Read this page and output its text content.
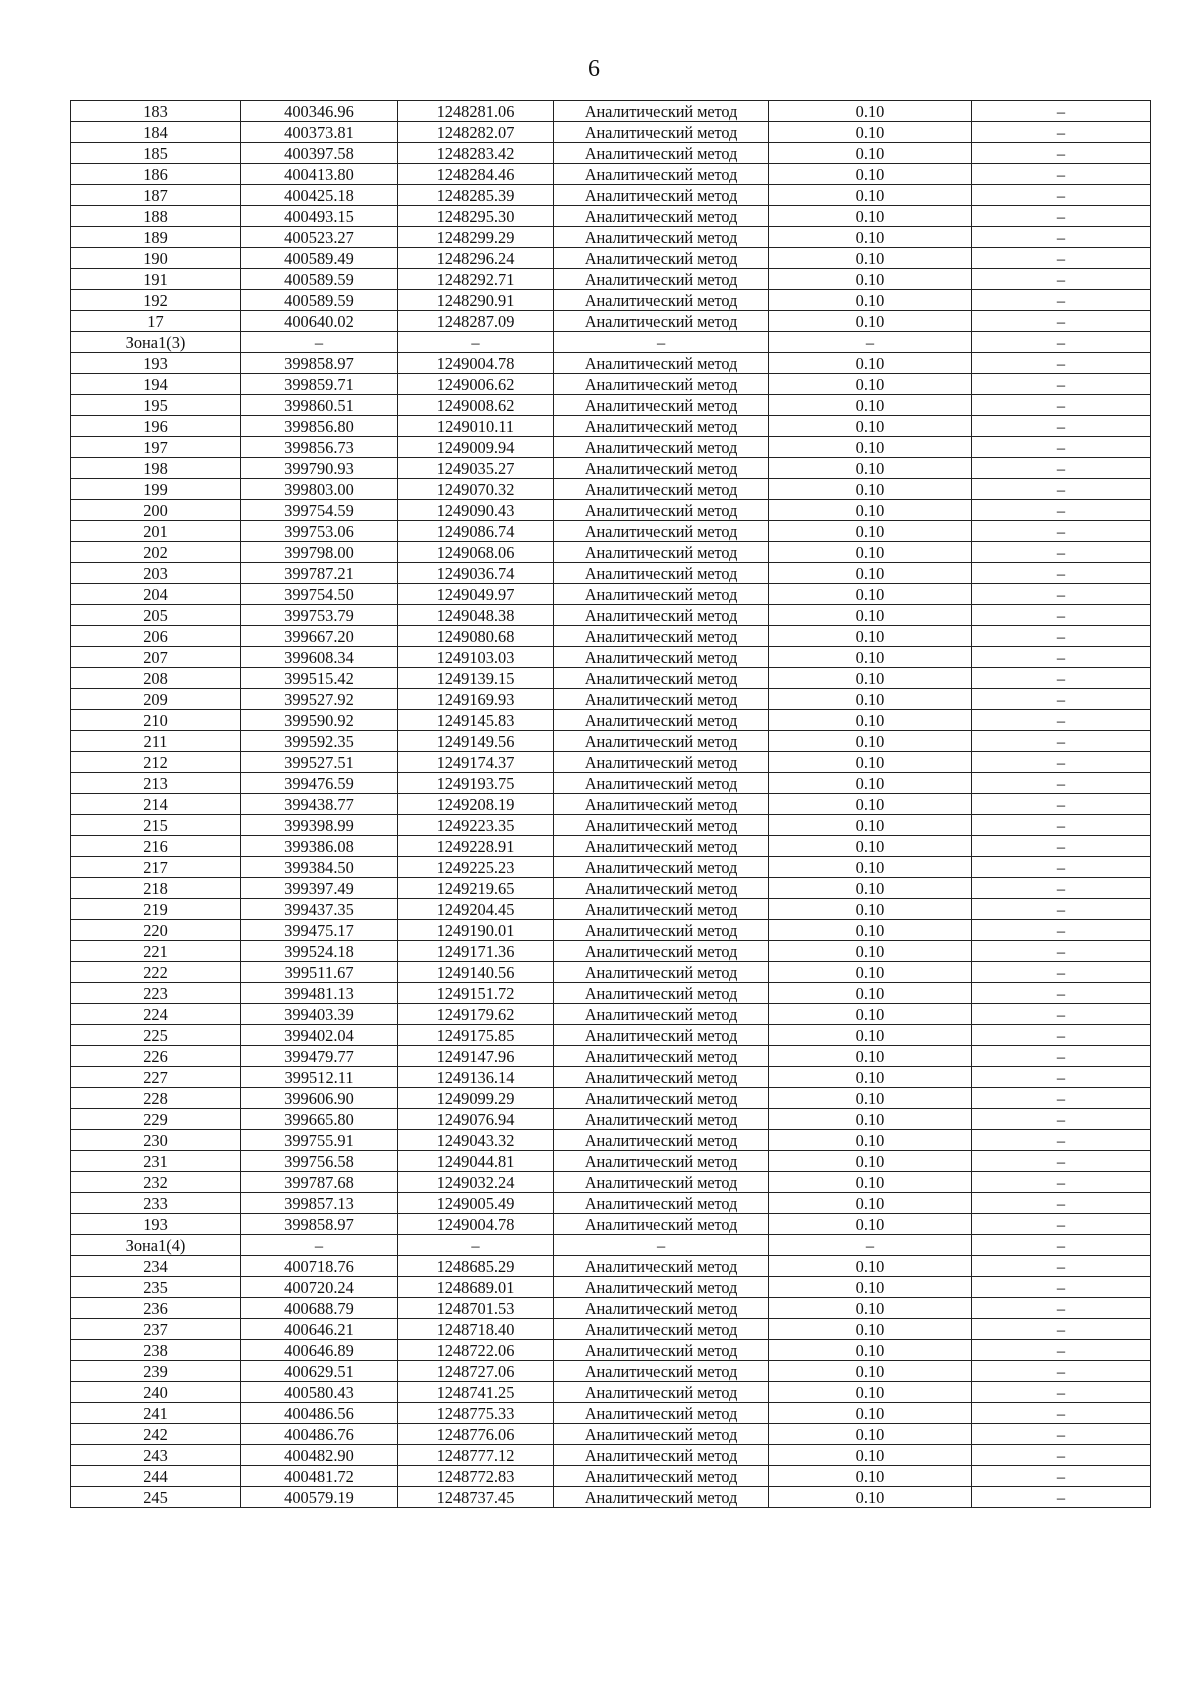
6
183	400346.96	1248281.06	Аналитический метод	0.10	–
184	400373.81	1248282.07	Аналитический метод	0.10	–
185	400397.58	1248283.42	Аналитический метод	0.10	–
186	400413.80	1248284.46	Аналитический метод	0.10	–
187	400425.18	1248285.39	Аналитический метод	0.10	–
188	400493.15	1248295.30	Аналитический метод	0.10	–
189	400523.27	1248299.29	Аналитический метод	0.10	–
190	400589.49	1248296.24	Аналитический метод	0.10	–
191	400589.59	1248292.71	Аналитический метод	0.10	–
192	400589.59	1248290.91	Аналитический метод	0.10	–
17	400640.02	1248287.09	Аналитический метод	0.10	–
Зона1(3)	–	–	–	–	–
193	399858.97	1249004.78	Аналитический метод	0.10	–
194	399859.71	1249006.62	Аналитический метод	0.10	–
195	399860.51	1249008.62	Аналитический метод	0.10	–
196	399856.80	1249010.11	Аналитический метод	0.10	–
197	399856.73	1249009.94	Аналитический метод	0.10	–
198	399790.93	1249035.27	Аналитический метод	0.10	–
199	399803.00	1249070.32	Аналитический метод	0.10	–
200	399754.59	1249090.43	Аналитический метод	0.10	–
201	399753.06	1249086.74	Аналитический метод	0.10	–
202	399798.00	1249068.06	Аналитический метод	0.10	–
203	399787.21	1249036.74	Аналитический метод	0.10	–
204	399754.50	1249049.97	Аналитический метод	0.10	–
205	399753.79	1249048.38	Аналитический метод	0.10	–
206	399667.20	1249080.68	Аналитический метод	0.10	–
207	399608.34	1249103.03	Аналитический метод	0.10	–
208	399515.42	1249139.15	Аналитический метод	0.10	–
209	399527.92	1249169.93	Аналитический метод	0.10	–
210	399590.92	1249145.83	Аналитический метод	0.10	–
211	399592.35	1249149.56	Аналитический метод	0.10	–
212	399527.51	1249174.37	Аналитический метод	0.10	–
213	399476.59	1249193.75	Аналитический метод	0.10	–
214	399438.77	1249208.19	Аналитический метод	0.10	–
215	399398.99	1249223.35	Аналитический метод	0.10	–
216	399386.08	1249228.91	Аналитический метод	0.10	–
217	399384.50	1249225.23	Аналитический метод	0.10	–
218	399397.49	1249219.65	Аналитический метод	0.10	–
219	399437.35	1249204.45	Аналитический метод	0.10	–
220	399475.17	1249190.01	Аналитический метод	0.10	–
221	399524.18	1249171.36	Аналитический метод	0.10	–
222	399511.67	1249140.56	Аналитический метод	0.10	–
223	399481.13	1249151.72	Аналитический метод	0.10	–
224	399403.39	1249179.62	Аналитический метод	0.10	–
225	399402.04	1249175.85	Аналитический метод	0.10	–
226	399479.77	1249147.96	Аналитический метод	0.10	–
227	399512.11	1249136.14	Аналитический метод	0.10	–
228	399606.90	1249099.29	Аналитический метод	0.10	–
229	399665.80	1249076.94	Аналитический метод	0.10	–
230	399755.91	1249043.32	Аналитический метод	0.10	–
231	399756.58	1249044.81	Аналитический метод	0.10	–
232	399787.68	1249032.24	Аналитический метод	0.10	–
233	399857.13	1249005.49	Аналитический метод	0.10	–
193	399858.97	1249004.78	Аналитический метод	0.10	–
Зона1(4)	–	–	–	–	–
234	400718.76	1248685.29	Аналитический метод	0.10	–
235	400720.24	1248689.01	Аналитический метод	0.10	–
236	400688.79	1248701.53	Аналитический метод	0.10	–
237	400646.21	1248718.40	Аналитический метод	0.10	–
238	400646.89	1248722.06	Аналитический метод	0.10	–
239	400629.51	1248727.06	Аналитический метод	0.10	–
240	400580.43	1248741.25	Аналитический метод	0.10	–
241	400486.56	1248775.33	Аналитический метод	0.10	–
242	400486.76	1248776.06	Аналитический метод	0.10	–
243	400482.90	1248777.12	Аналитический метод	0.10	–
244	400481.72	1248772.83	Аналитический метод	0.10	–
245	400579.19	1248737.45	Аналитический метод	0.10	–
